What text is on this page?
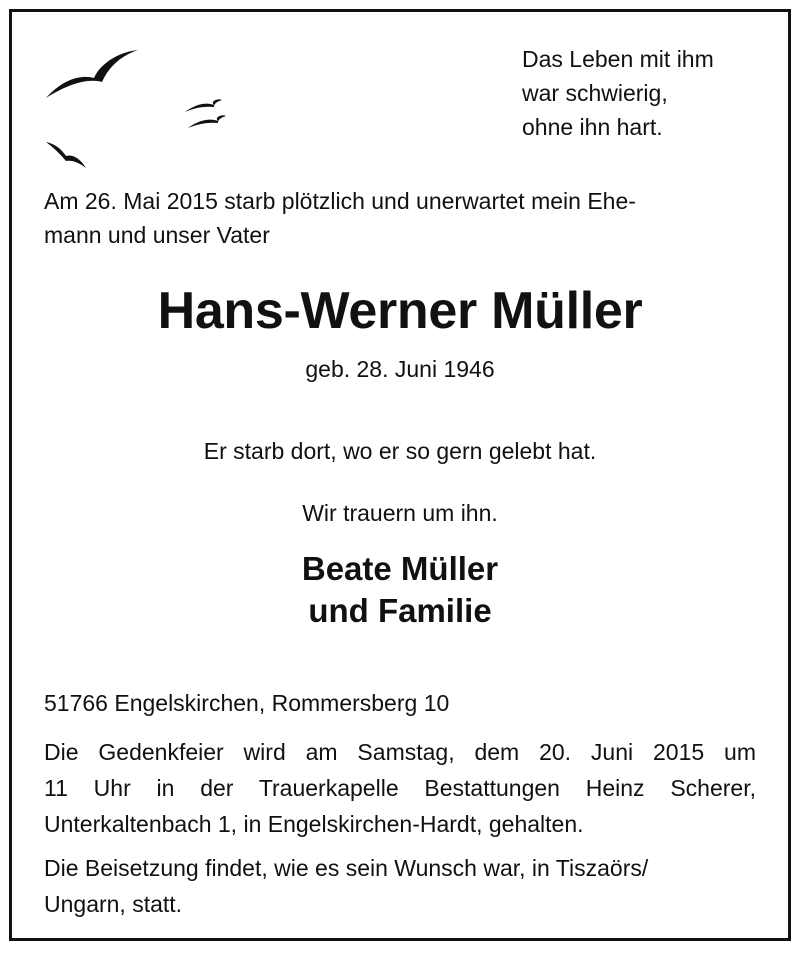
Das Leben mit ihm
war schwierig,
ohne ihn hart.
Am 26. Mai 2015 starb plötzlich und unerwartet mein Ehe-
mann und unser Vater
Hans-Werner Müller
geb. 28. Juni 1946
Er starb dort, wo er so gern gelebt hat.
Wir trauern um ihn.
Beate Müller
und Familie
51766 Engelskirchen, Rommersberg 10
Die Gedenkfeier wird am Samstag, dem 20. Juni 2015 um
11 Uhr in der Trauerkapelle Bestattungen Heinz Scherer,
Unterkaltenbach 1, in Engelskirchen-Hardt, gehalten.
Die Beisetzung findet, wie es sein Wunsch war, in Tiszaörs/
Ungarn, statt.
